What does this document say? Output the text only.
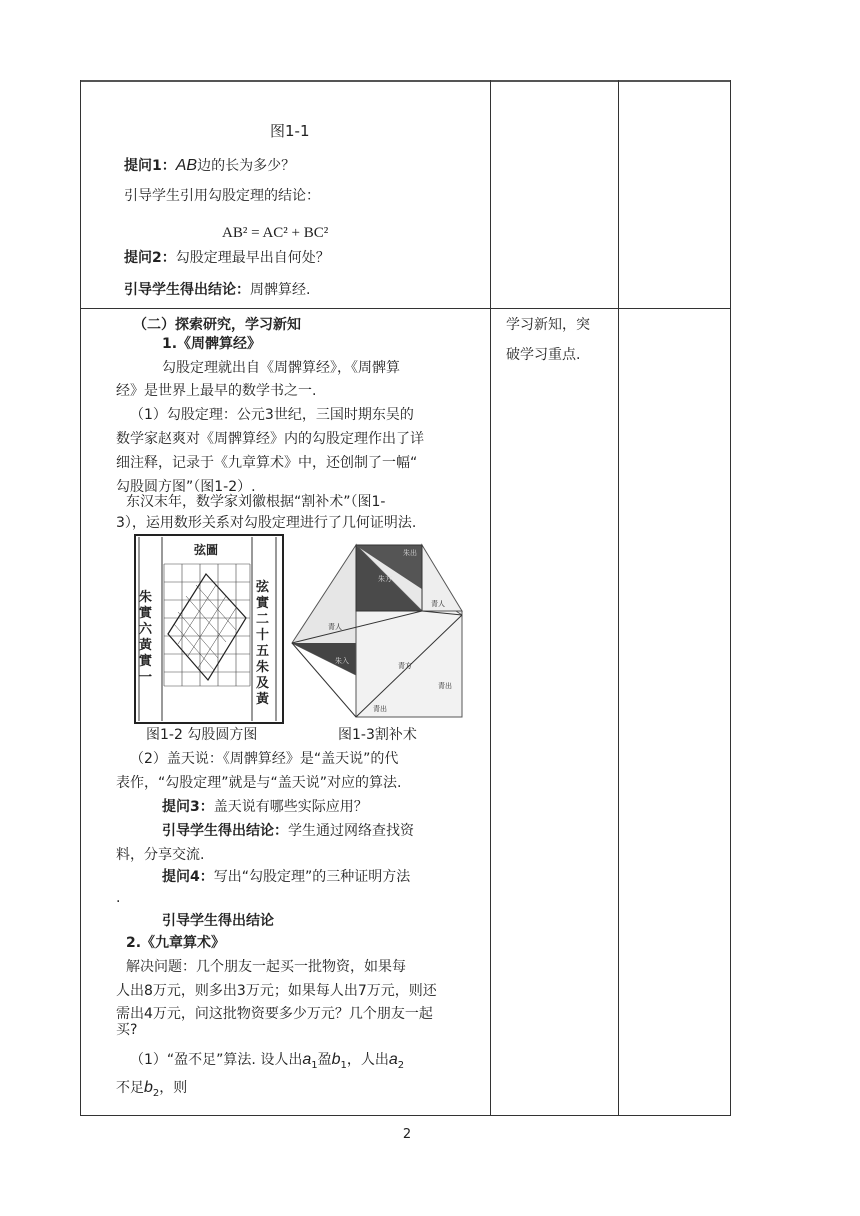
图1-1
提问1：AB边的长为多少？
引导学生引用勾股定理的结论：
AB² = AC² + BC²
提问2：勾股定理最早出自何处？
引导学生得出结论：周髀算经.
（二）探索研究，学习新知
1.《周髀算经》
勾股定理就出自《周髀算经》，《周髀算
经》是世界上最早的数学书之一.
（1）勾股定理：公元3世纪，三国时期东吴的
数学家赵爽对《周髀算经》内的勾股定理作出了详
细注释，记录于《九章算术》中，还创制了一幅“
勾股圆方图”（图1-2）.
东汉末年，数学家刘徽根据“割补术”（图1-
3），运用数形关系对勾股定理进行了几何证明法.
弦圖
朱實六黃實一
弦實二十五朱及黃
朱出
朱方
青人
青人
朱入
青方
青出
青出
图1-2 勾股圆方图	图1-3割补术
（2）盖天说：《周髀算经》是“盖天说”的代
表作，“勾股定理”就是与“盖天说”对应的算法.
提问3：盖天说有哪些实际应用？
引导学生得出结论：学生通过网络查找资
料，分享交流.
提问4：写出“勾股定理”的三种证明方法
.
引导学生得出结论
2.《九章算术》
解决问题：几个朋友一起买一批物资，如果每
人出8万元，则多出3万元；如果每人出7万元，则还
需出4万元，问这批物资要多少万元？几个朋友一起
买?
（1）“盈不足”算法. 设人出$a_1$盈$b_1$，人出$a_2$
不足$b_2$，则
学习新知，突
破学习重点.
2
